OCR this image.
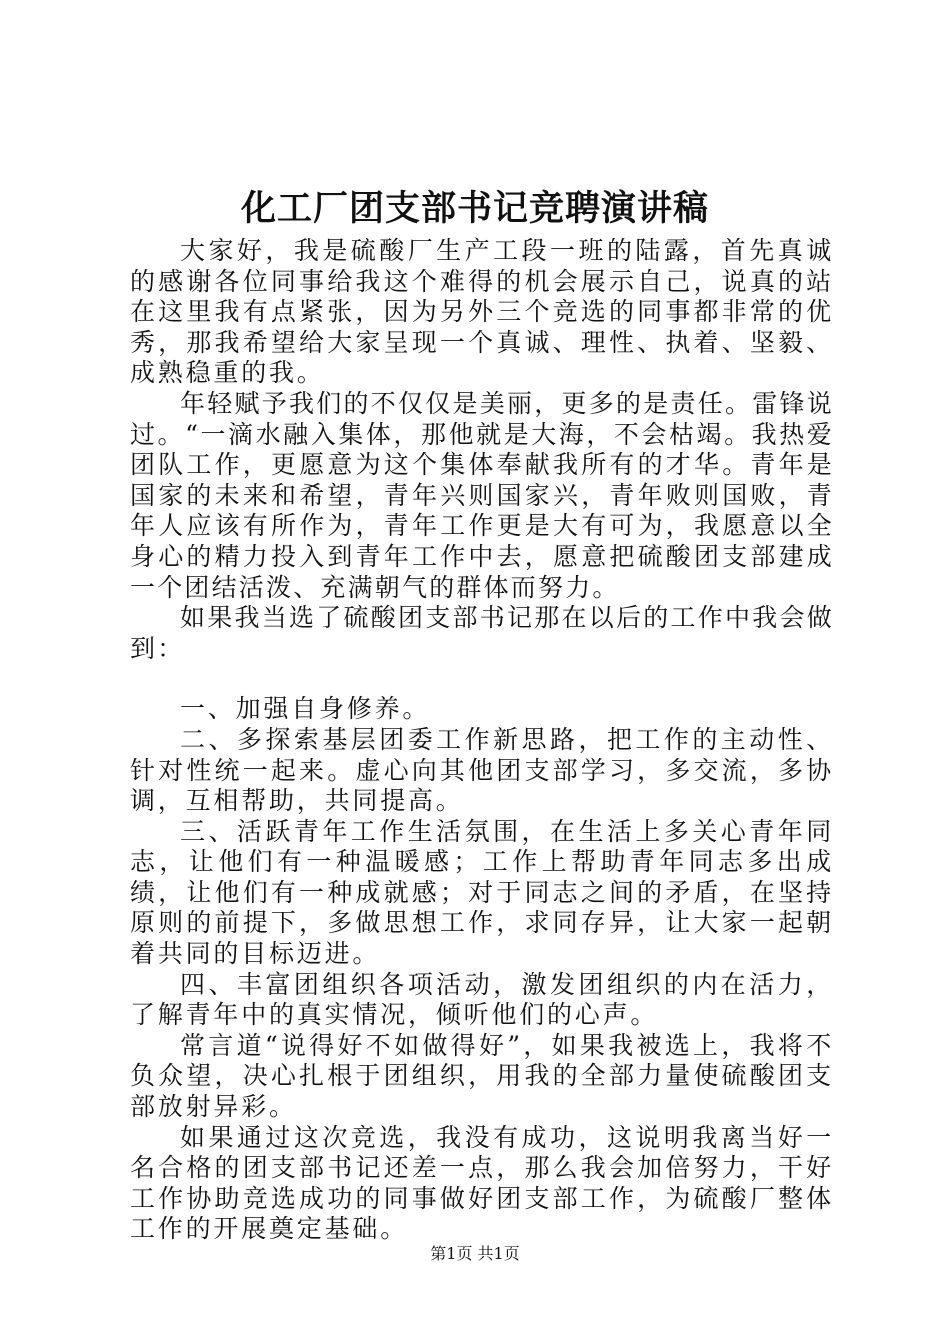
化工厂团支部书记竞聘演讲稿

大家好，我是硫酸厂生产工段一班的陆露，首先真诚的感谢各位同事给我这个难得的机会展示自己，说真的站在这里我有点紧张，因为另外三个竞选的同事都非常的优秀，那我希望给大家呈现一个真诚、理性、执着、坚毅、成熟稳重的我。

年轻赋予我们的不仅仅是美丽，更多的是责任。雷锋说过。“一滴水融入集体，那他就是大海，不会枯竭。我热爱团队工作，更愿意为这个集体奉献我所有的才华。青年是国家的未来和希望，青年兴则国家兴，青年败则国败，青年人应该有所作为，青年工作更是大有可为，我愿意以全身心的精力投入到青年工作中去，愿意把硫酸团支部建成一个团结活泼、充满朝气的群体而努力。

如果我当选了硫酸团支部书记那在以后的工作中我会做到：

一、加强自身修养。

二、多探索基层团委工作新思路，把工作的主动性、针对性统一起来。虚心向其他团支部学习，多交流，多协调，互相帮助，共同提高。

三、活跃青年工作生活氛围，在生活上多关心青年同志，让他们有一种温暖感；工作上帮助青年同志多出成绩，让他们有一种成就感；对于同志之间的矛盾，在坚持原则的前提下，多做思想工作，求同存异，让大家一起朝着共同的目标迈进。

四、丰富团组织各项活动，激发团组织的内在活力，了解青年中的真实情况，倾听他们的心声。

常言道“说得好不如做得好”，如果我被选上，我将不负众望，决心扎根于团组织，用我的全部力量使硫酸团支部放射异彩。

如果通过这次竞选，我没有成功，这说明我离当好一名合格的团支部书记还差一点，那么我会加倍努力，干好工作协助竞选成功的同事做好团支部工作，为硫酸厂整体工作的开展奠定基础。

第1页 共1页
